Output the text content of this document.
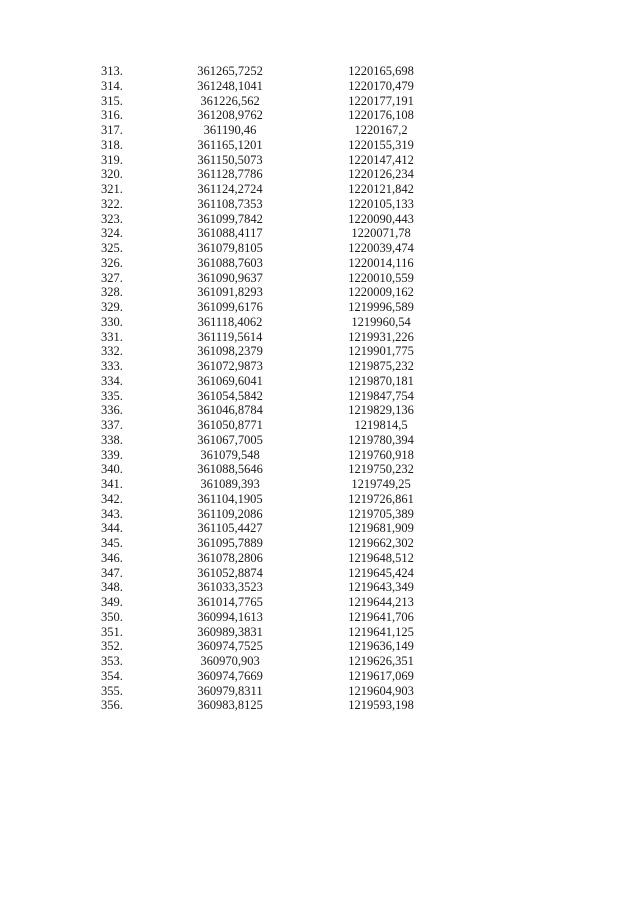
313.	361265,7252	1220165,698
314.	361248,1041	1220170,479
315.	361226,562	1220177,191
316.	361208,9762	1220176,108
317.	361190,46	1220167,2
318.	361165,1201	1220155,319
319.	361150,5073	1220147,412
320.	361128,7786	1220126,234
321.	361124,2724	1220121,842
322.	361108,7353	1220105,133
323.	361099,7842	1220090,443
324.	361088,4117	1220071,78
325.	361079,8105	1220039,474
326.	361088,7603	1220014,116
327.	361090,9637	1220010,559
328.	361091,8293	1220009,162
329.	361099,6176	1219996,589
330.	361118,4062	1219960,54
331.	361119,5614	1219931,226
332.	361098,2379	1219901,775
333.	361072,9873	1219875,232
334.	361069,6041	1219870,181
335.	361054,5842	1219847,754
336.	361046,8784	1219829,136
337.	361050,8771	1219814,5
338.	361067,7005	1219780,394
339.	361079,548	1219760,918
340.	361088,5646	1219750,232
341.	361089,393	1219749,25
342.	361104,1905	1219726,861
343.	361109,2086	1219705,389
344.	361105,4427	1219681,909
345.	361095,7889	1219662,302
346.	361078,2806	1219648,512
347.	361052,8874	1219645,424
348.	361033,3523	1219643,349
349.	361014,7765	1219644,213
350.	360994,1613	1219641,706
351.	360989,3831	1219641,125
352.	360974,7525	1219636,149
353.	360970,903	1219626,351
354.	360974,7669	1219617,069
355.	360979,8311	1219604,903
356.	360983,8125	1219593,198
